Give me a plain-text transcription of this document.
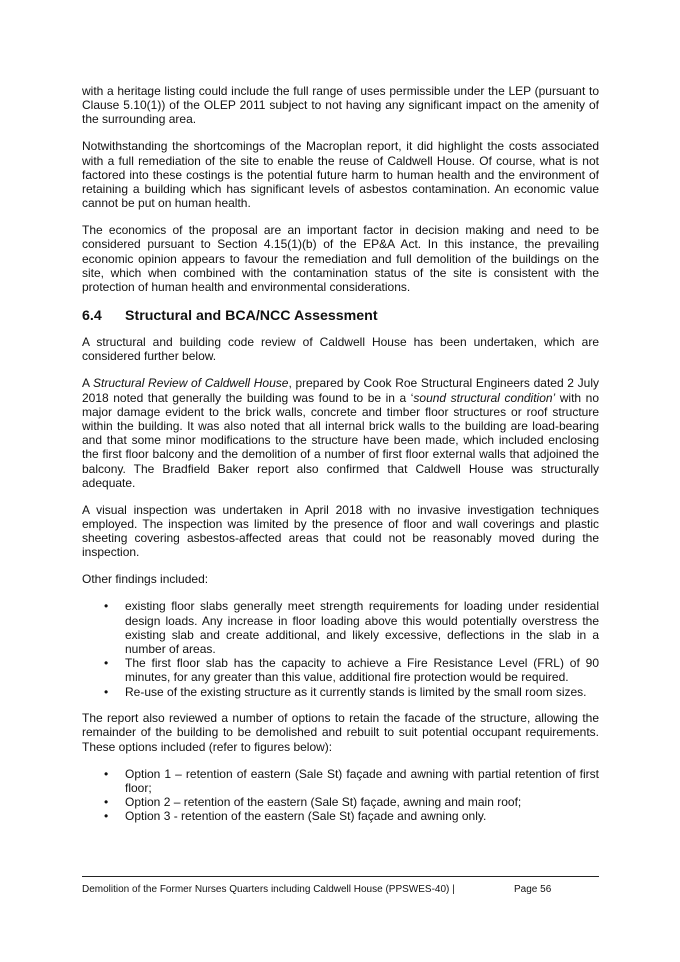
with a heritage listing could include the full range of uses permissible under the LEP (pursuant to Clause 5.10(1)) of the OLEP 2011 subject to not having any significant impact on the amenity of the surrounding area.

Notwithstanding the shortcomings of the Macroplan report, it did highlight the costs associated with a full remediation of the site to enable the reuse of Caldwell House. Of course, what is not factored into these costings is the potential future harm to human health and the environment of retaining a building which has significant levels of asbestos contamination. An economic value cannot be put on human health.

The economics of the proposal are an important factor in decision making and need to be considered pursuant to Section 4.15(1)(b) of the EP&A Act. In this instance, the prevailing economic opinion appears to favour the remediation and full demolition of the buildings on the site, which when combined with the contamination status of the site is consistent with the protection of human health and environmental considerations.

6.4	Structural and BCA/NCC Assessment

A structural and building code review of Caldwell House has been undertaken, which are considered further below.

A Structural Review of Caldwell House, prepared by Cook Roe Structural Engineers dated 2 July 2018 noted that generally the building was found to be in a ‘sound structural condition’ with no major damage evident to the brick walls, concrete and timber floor structures or roof structure within the building. It was also noted that all internal brick walls to the building are load-bearing and that some minor modifications to the structure have been made, which included enclosing the first floor balcony and the demolition of a number of first floor external walls that adjoined the balcony. The Bradfield Baker report also confirmed that Caldwell House was structurally adequate.

A visual inspection was undertaken in April 2018 with no invasive investigation techniques employed. The inspection was limited by the presence of floor and wall coverings and plastic sheeting covering asbestos-affected areas that could not be reasonably moved during the inspection.

Other findings included:

• existing floor slabs generally meet strength requirements for loading under residential design loads. Any increase in floor loading above this would potentially overstress the existing slab and create additional, and likely excessive, deflections in the slab in a number of areas.
• The first floor slab has the capacity to achieve a Fire Resistance Level (FRL) of 90 minutes, for any greater than this value, additional fire protection would be required.
• Re-use of the existing structure as it currently stands is limited by the small room sizes.

The report also reviewed a number of options to retain the facade of the structure, allowing the remainder of the building to be demolished and rebuilt to suit potential occupant requirements. These options included (refer to figures below):

• Option 1 – retention of eastern (Sale St) façade and awning with partial retention of first floor;
• Option 2 – retention of the eastern (Sale St) façade, awning and main roof;
• Option 3 - retention of the eastern (Sale St) façade and awning only.
Demolition of the Former Nurses Quarters including Caldwell House (PPSWES-40) |	Page 56
